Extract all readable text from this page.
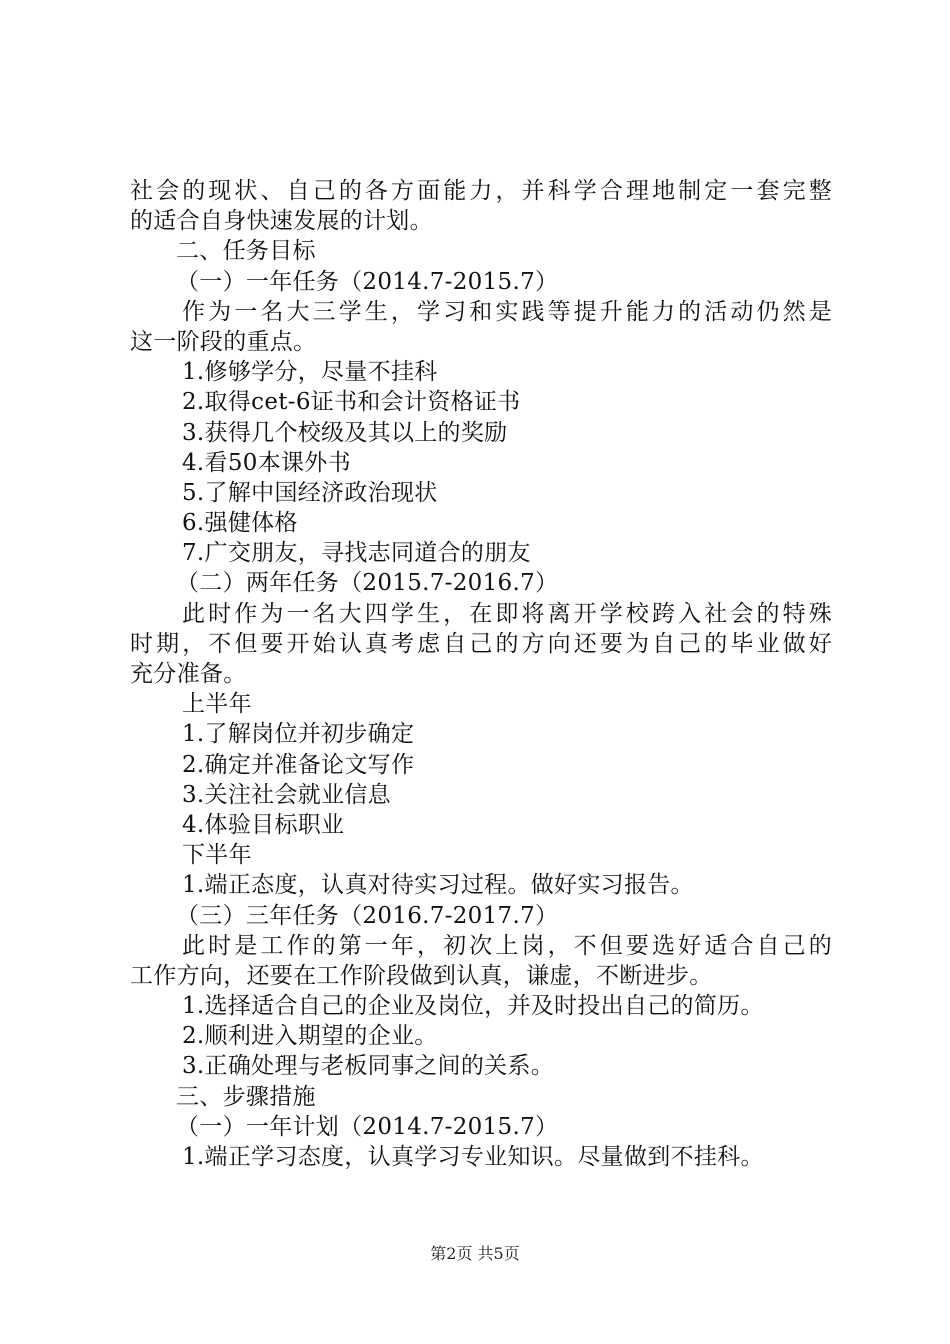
社会的现状、自己的各方面能力，并科学合理地制定一套完整
的适合自身快速发展的计划。
二、任务目标
（一）一年任务（2014.7-2015.7）
作为一名大三学生，学习和实践等提升能力的活动仍然是
这一阶段的重点。
1.修够学分，尽量不挂科
2.取得cet-6证书和会计资格证书
3.获得几个校级及其以上的奖励
4.看50本课外书
5.了解中国经济政治现状
6.强健体格
7.广交朋友，寻找志同道合的朋友
（二）两年任务（2015.7-2016.7）
此时作为一名大四学生，在即将离开学校跨入社会的特殊
时期，不但要开始认真考虑自己的方向还要为自己的毕业做好
充分准备。
上半年
1.了解岗位并初步确定
2.确定并准备论文写作
3.关注社会就业信息
4.体验目标职业
下半年
1.端正态度，认真对待实习过程。做好实习报告。
（三）三年任务（2016.7-2017.7）
此时是工作的第一年，初次上岗，不但要选好适合自己的
工作方向，还要在工作阶段做到认真，谦虚，不断进步。
1.选择适合自己的企业及岗位，并及时投出自己的简历。
2.顺利进入期望的企业。
3.正确处理与老板同事之间的关系。
三、步骤措施
（一）一年计划（2014.7-2015.7）
1.端正学习态度，认真学习专业知识。尽量做到不挂科。
第2页 共5页
